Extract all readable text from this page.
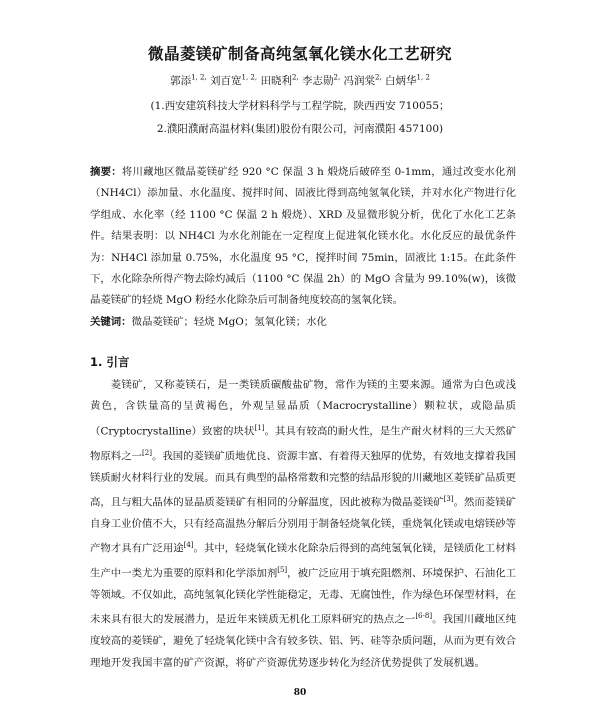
微晶菱镁矿制备高纯氢氧化镁水化工艺研究
郭添$^{1, 2,}$ 刘百宽$^{1, 2,}$ 田晓利$^{2,}$ 李志勋$^{2,}$ 冯润棠$^{2,}$ 白炳华$^{1, 2}$
(1.西安建筑科技大学材料科学与工程学院，陕西西安 710055；
2.濮阳濮耐高温材料(集团)股份有限公司，河南濮阳 457100)
摘要：将川藏地区微晶菱镁矿经 920 °C 保温 3 h 煅烧后破碎至 0-1mm，通过改变水化剂（NH4Cl）添加量、水化温度、搅拌时间、固液比得到高纯氢氧化镁，并对水化产物进行化学组成、水化率（经 1100 °C 保温 2 h 煅烧）、XRD 及显微形貌分析，优化了水化工艺条件。结果表明：以 NH4Cl 为水化剂能在一定程度上促进氧化镁水化。水化反应的最优条件为：NH4Cl 添加量 0.75%，水化温度 95 °C，搅拌时间 75min，固液比 1:15。在此条件下，水化除杂所得产物去除灼减后（1100 °C 保温 2h）的 MgO 含量为 99.10%(w)，该微晶菱镁矿的轻烧 MgO 粉经水化除杂后可制备纯度较高的氢氧化镁。
关键词：微晶菱镁矿；轻烧 MgO；氢氧化镁；水化
1. 引言
菱镁矿，又称菱镁石，是一类镁质碳酸盐矿物，常作为镁的主要来源。通常为白色或浅黄色，含铁量高的呈黄褐色，外观呈显晶质（Macrocrystalline）颗粒状，或隐晶质（Cryptocrystalline）致密的块状[1]。其具有较高的耐火性，是生产耐火材料的三大天然矿物原料之一[2]。我国的菱镁矿质地优良、资源丰富、有着得天独厚的优势，有效地支撑着我国镁质耐火材料行业的发展。而具有典型的晶格常数和完整的结晶形貌的川藏地区菱镁矿品质更高，且与粗大晶体的显晶质菱镁矿有相同的分解温度，因此被称为微晶菱镁矿[3]。然而菱镁矿自身工业价值不大，只有经高温热分解后分别用于制备轻烧氧化镁，重烧氧化镁或电熔镁砂等产物才具有广泛用途[4]。其中，轻烧氧化镁水化除杂后得到的高纯氢氧化镁，是镁质化工材料生产中一类尤为重要的原料和化学添加剂[5]，被广泛应用于填充阻燃剂、环境保护、石油化工等领域。不仅如此，高纯氢氧化镁化学性能稳定，无毒、无腐蚀性，作为绿色环保型材料，在未来具有很大的发展潜力，是近年来镁质无机化工原料研究的热点之一[6-8]。我国川藏地区纯度较高的菱镁矿，避免了轻烧氧化镁中含有较多铁、铝、钙、硅等杂质问题，从而为更有效合理地开发我国丰富的矿产资源，将矿产资源优势逐步转化为经济优势提供了发展机遇。
80
